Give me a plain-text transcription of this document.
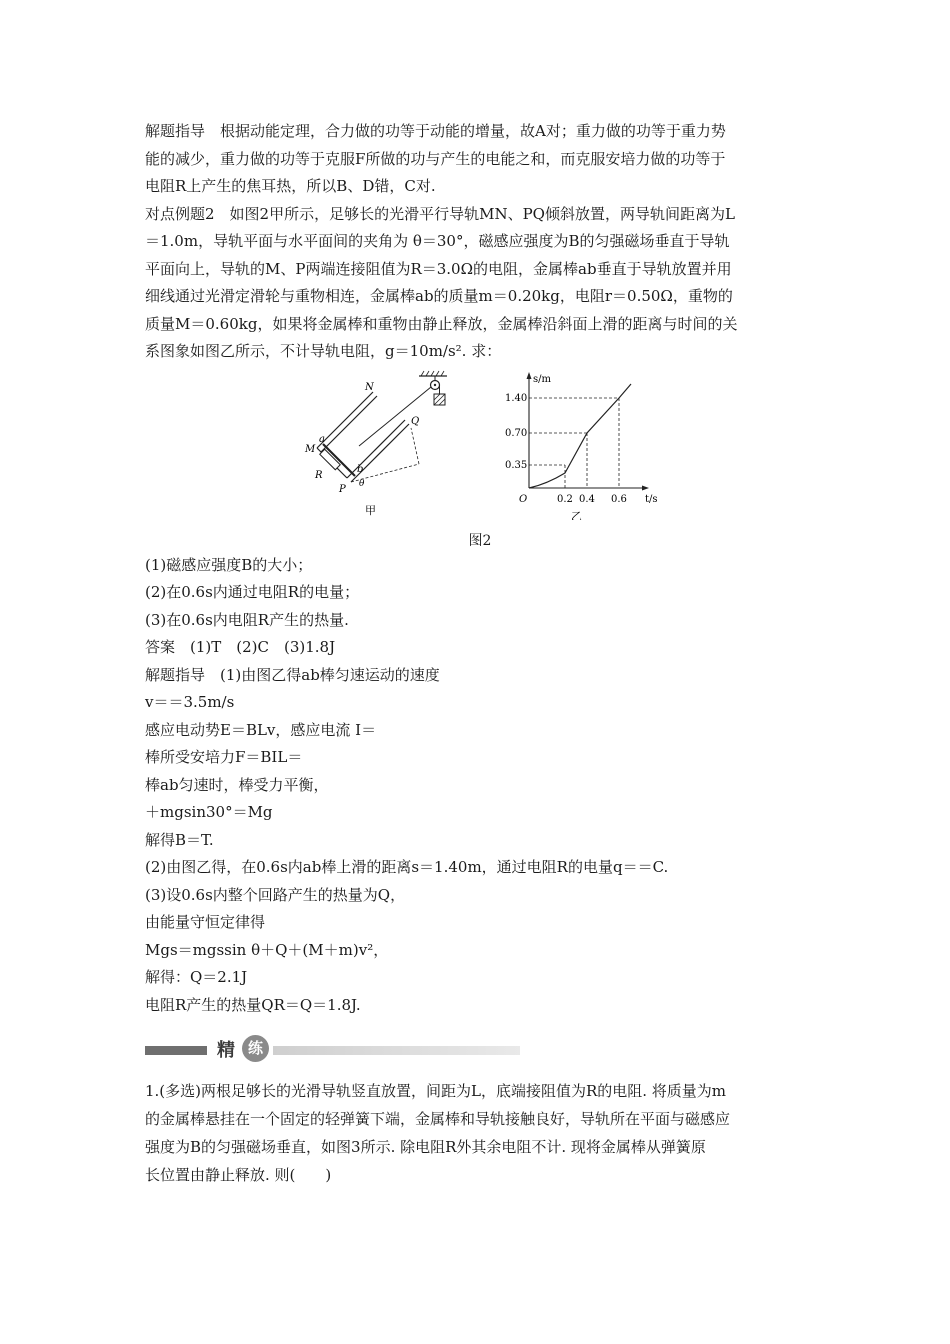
解题指导　根据动能定理，合力做的功等于动能的增量，故A对；重力做的功等于重力势
能的减少，重力做的功等于克服F所做的功与产生的电能之和，而克服安培力做的功等于
电阻R上产生的焦耳热，所以B、D错，C对.
对点例题2　如图2甲所示，足够长的光滑平行导轨MN、PQ倾斜放置，两导轨间距离为L
＝1.0m，导轨平面与水平面间的夹角为 θ＝30°，磁感应强度为B的匀强磁场垂直于导轨
平面向上，导轨的M、P两端连接阻值为R＝3.0Ω的电阻，金属棒ab垂直于导轨放置并用
细线通过光滑定滑轮与重物相连，金属棒ab的质量m＝0.20kg，电阻r＝0.50Ω，重物的
质量M＝0.60kg，如果将金属棒和重物由静止释放，金属棒沿斜面上滑的距离与时间的关
系图象如图乙所示，不计导轨电阻，g＝10m/s². 求：
N
Q
M
a
b
R
P θ
甲
s/m
t/s
O
1.40
0.70
0.35
0.2 0.4 0.6
乙
图2
(1)磁感应强度B的大小；
(2)在0.6s内通过电阻R的电量；
(3)在0.6s内电阻R产生的热量.
答案　(1)T　(2)C　(3)1.8J
解题指导　(1)由图乙得ab棒匀速运动的速度
v＝＝3.5m/s
感应电动势E＝BLv，感应电流 I＝
棒所受安培力F＝BIL＝
棒ab匀速时，棒受力平衡，
＋mgsin30°＝Mg
解得B＝T.
(2)由图乙得，在0.6s内ab棒上滑的距离s＝1.40m，通过电阻R的电量q＝＝C.
(3)设0.6s内整个回路产生的热量为Q，
由能量守恒定律得
Mgs＝mgssin θ＋Q＋(M＋m)v²，
解得：Q＝2.1J
电阻R产生的热量QR＝Q＝1.8J.
精 练
1.(多选)两根足够长的光滑导轨竖直放置，间距为L，底端接阻值为R的电阻. 将质量为m
的金属棒悬挂在一个固定的轻弹簧下端，金属棒和导轨接触良好，导轨所在平面与磁感应
强度为B的匀强磁场垂直，如图3所示. 除电阻R外其余电阻不计. 现将金属棒从弹簧原
长位置由静止释放. 则(　　)
